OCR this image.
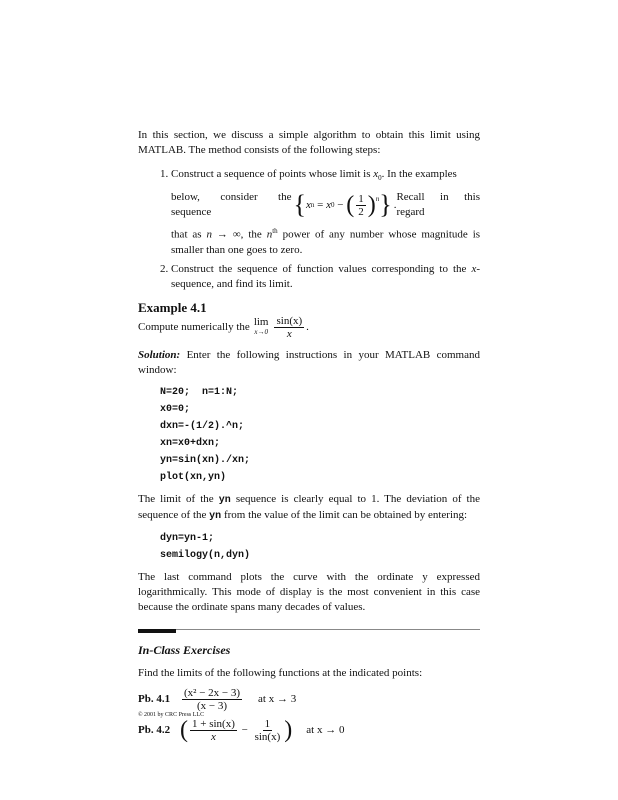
In this section, we discuss a simple algorithm to obtain this limit using MATLAB. The method consists of the following steps:

1. Construct a sequence of points whose limit is $x_0$. In the examples
below, consider the sequence	{ x n = x 0 − ( $\frac{1}{2} )^n$ } .
Recall in this regard
that as n → ∞, the $n^{th}$ power of any number whose magnitude is smaller than one goes to zero.
2. Construct the sequence of function values corresponding to the x-sequence, and find its limit.
Example 4.1
Compute numerically the lim
$x\to 0 \frac{\sin(x)}{x}$ .

Solution: Enter the following instructions in your MATLAB command window:

N=20;  n=1:N;
x0=0;
dxn=-(1/2).^n;
xn=x0+dxn;
yn=sin(xn)./xn;
plot(xn,yn)

The limit of the yn sequence is clearly equal to 1. The deviation of the sequence of the yn from the value of the limit can be obtained by entering:

dyn=yn-1;
semilogy(n,dyn)

The last command plots the curve with the ordinate y expressed logarithmically. This mode of display is the most convenient in this case because the ordinate spans many decades of values.

In-Class Exercises

Find the limits of the following functions at the indicated points:

Pb. 4.1	$\frac{\text{(x² − 2x − 3)}}{(x - 3)}$ at x → 3
Pb. 4.2 ( $\frac{1 + \sin(x)}{x} - \frac{1}{\sin(x)}$ ) at x → 0
© 2001 by CRC Press LLC
